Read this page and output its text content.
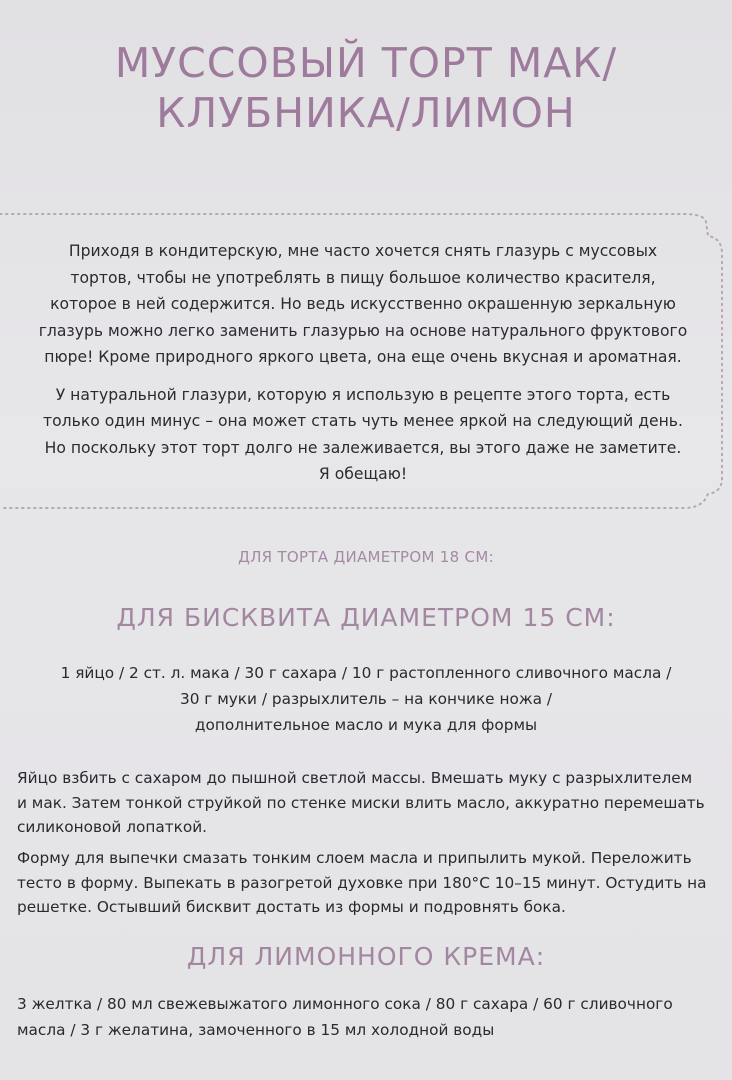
МУССОВЫЙ ТОРТ МАК/
КЛУБНИКА/ЛИМОН

Приходя в кондитерскую, мне часто хочется снять глазурь с муссовых
тортов, чтобы не употреблять в пищу большое количество красителя,
которое в ней содержится. Но ведь искусственно окрашенную зеркальную
глазурь можно легко заменить глазурью на основе натурального фруктового
пюре! Кроме природного яркого цвета, она еще очень вкусная и ароматная.

У натуральной глазури, которую я использую в рецепте этого торта, есть
только один минус – она может стать чуть менее яркой на следующий день.
Но поскольку этот торт долго не залеживается, вы этого даже не заметите.
Я обещаю!

ДЛЯ ТОРТА ДИАМЕТРОМ 18 СМ:
ДЛЯ БИСКВИТА ДИАМЕТРОМ 15 СМ:
1 яйцо / 2 ст. л. мака / 30 г сахара / 10 г растопленного сливочного масла /
30 г муки / разрыхлитель – на кончике ножа /
дополнительное масло и мука для формы
Яйцо взбить с сахаром до пышной светлой массы. Вмешать муку с разрыхлителем
и мак. Затем тонкой струйкой по стенке миски влить масло, аккуратно перемешать
силиконовой лопаткой.
Форму для выпечки смазать тонким слоем масла и припылить мукой. Переложить
тесто в форму. Выпекать в разогретой духовке при 180°С 10–15 минут. Остудить на
решетке. Остывший бисквит достать из формы и подровнять бока.
ДЛЯ ЛИМОННОГО КРЕМА:
3 желтка / 80 мл свежевыжатого лимонного сока / 80 г сахара / 60 г сливочного
масла / 3 г желатина, замоченного в 15 мл холодной воды
